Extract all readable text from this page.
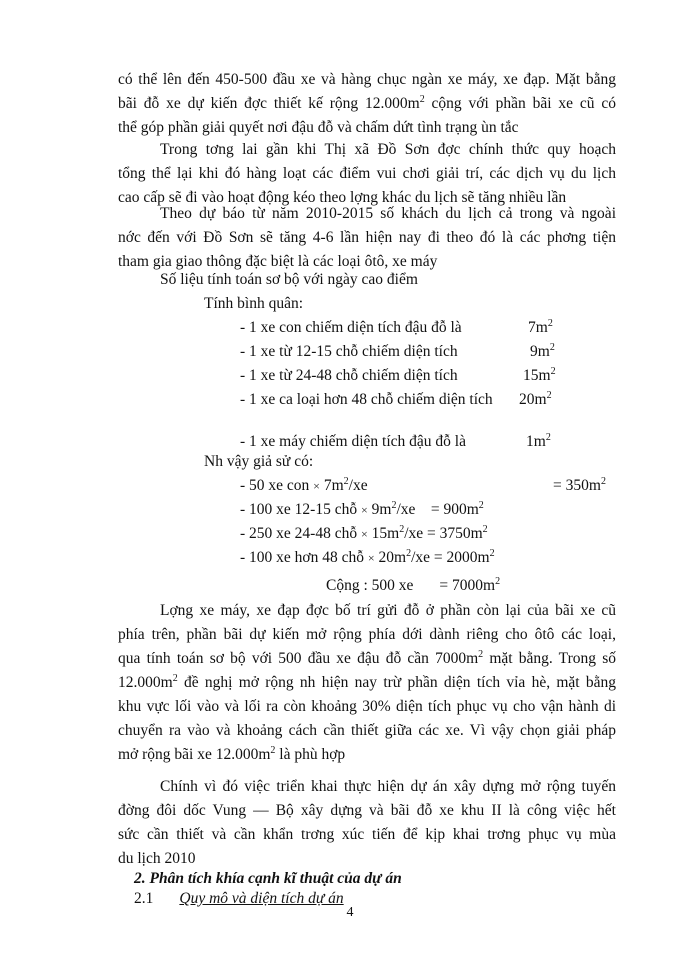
có thể lên đến 450-500 đầu xe và hàng chục ngàn xe máy, xe đạp. Mặt bằng
bãi đỗ xe dự kiến đợc thiết kế rộng $12.000m^2$ cộng với phần bãi xe cũ có
thể góp phần giải quyết nơi đậu đỗ và chấm dứt tình trạng ùn tắc
Trong tơng lai gần khi Thị xã Đồ Sơn đợc chính thức quy hoạch
tổng thể lại khi đó hàng loạt các điểm vui chơi giải trí, các dịch vụ du lịch
cao cấp sẽ đi vào hoạt động kéo theo lợng khác du lịch sẽ tăng nhiều lần
Theo dự báo từ năm 2010-2015 số khách du lịch cả trong và ngoài
nớc đến với Đồ Sơn sẽ tăng 4-6 lần hiện nay đi theo đó là các phơng tiện
tham gia giao thông đặc biệt là các loại ôtô, xe máy
Số liệu tính toán sơ bộ với ngày cao điểm
Tính bình quân:
- 1 xe con chiếm diện tích đậu đỗ là	$7m^2$
- 1 xe từ 12-15 chỗ chiếm diện tích	$9m^2$
- 1 xe từ 24-48 chỗ chiếm diện tích	$15m^2$
- 1 xe ca loại hơn 48 chỗ chiếm diện tích $20m^2$
- 1 xe máy chiếm diện tích đậu đỗ là	$1m^2$
Nh vậy giả sử có:
- 50 xe con × $7m^2/xe$	= $350m^2$
- 100 xe 12-15 chỗ × $9m^2/xe$    = $900m^2$
- 250 xe 24-48 chỗ × $15m^2/xe = 3750m^2$
- 100 xe hơn 48 chỗ × $20m^2/xe = 2000m^2$
Cộng : 500 xe = $7000m^2$
Lợng xe máy, xe đạp đợc bố trí gửi đỗ ở phần còn lại của bãi xe cũ
phía trên, phần bãi dự kiến mở rộng phía dới dành riêng cho ôtô các loại,
qua tính toán sơ bộ với 500 đầu xe đậu đỗ cần $7000m^2$ mặt bằng. Trong số
$12.000m^2$ đề nghị mở rộng nh hiện nay trừ phần diện tích vỉa hè, mặt bằng
khu vực lối vào và lối ra còn khoảng 30% diện tích phục vụ cho vận hành di
chuyển ra vào và khoảng cách cần thiết giữa các xe. Vì vậy chọn giải pháp
mở rộng bãi xe $12.000m^2$ là phù hợp
Chính vì đó việc triển khai thực hiện dự án xây dựng mở rộng tuyến
đờng đôi dốc Vung — Bộ xây dựng và bãi đỗ xe khu II là công việc hết
4
sức cần thiết và cần khẩn trơng xúc tiến để kịp khai trơng phục vụ mùa
du lịch 2010
2. Phân tích khía cạnh kĩ thuật của dự án
2.1 Quy mô và diện tích dự án
